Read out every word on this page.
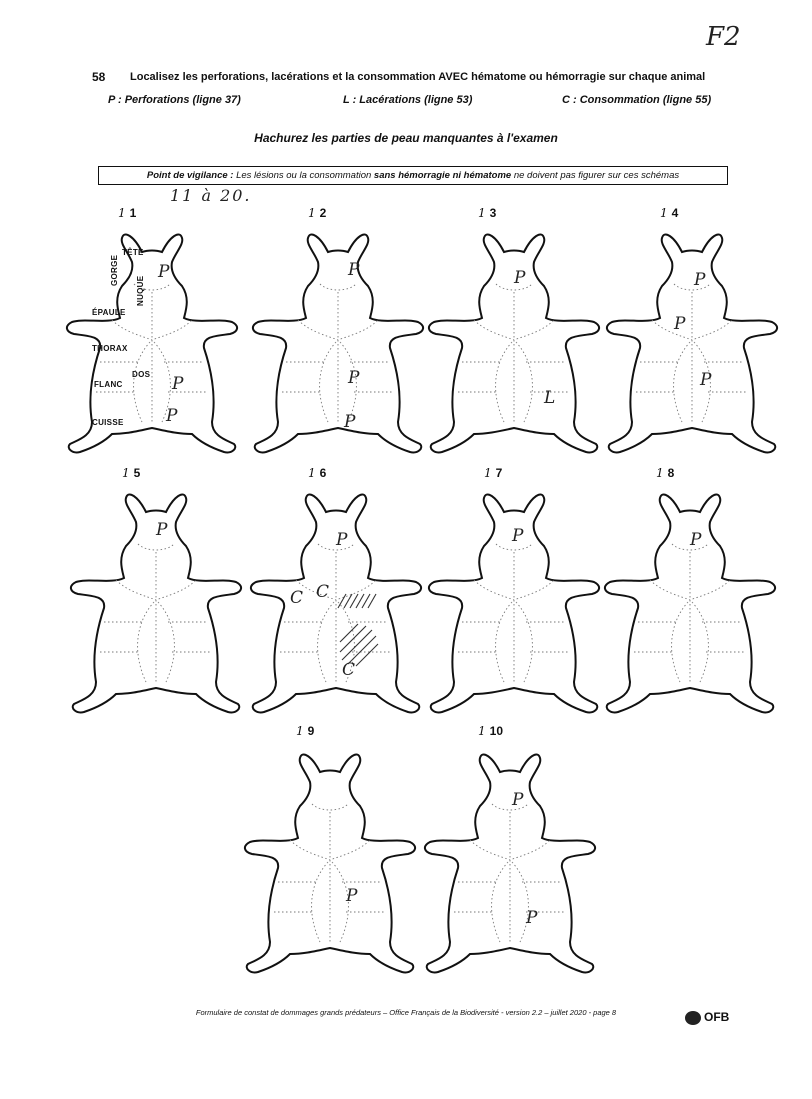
F2
58 Localisez les perforations, lacérations et la consommation AVEC hématome ou hémorragie sur chaque animal
P : Perforations (ligne 37)	L : Lacérations (ligne 53)	C : Consommation (ligne 55)
Hachurez les parties de peau manquantes à l'examen
Point de vigilance : Les lésions ou la consommation sans hémorragie ni hématome ne doivent pas figurer sur ces schémas
11 à 20.
1 1
TÊTE
GORGE
NUQUE
ÉPAULE
THORAX
DOS
FLANC
CUISSE
P
P
P
1 2
P
P
P
1 3
P
L
1 4
P
P
P
1 5
P
1 6
P
C C
C
1 7
P
1 8
P
1 9
P
1 10
P
P
Formulaire de constat de dommages grands prédateurs – Office Français de la Biodiversité - version 2.2 – juillet 2020 - page 8	OFB
